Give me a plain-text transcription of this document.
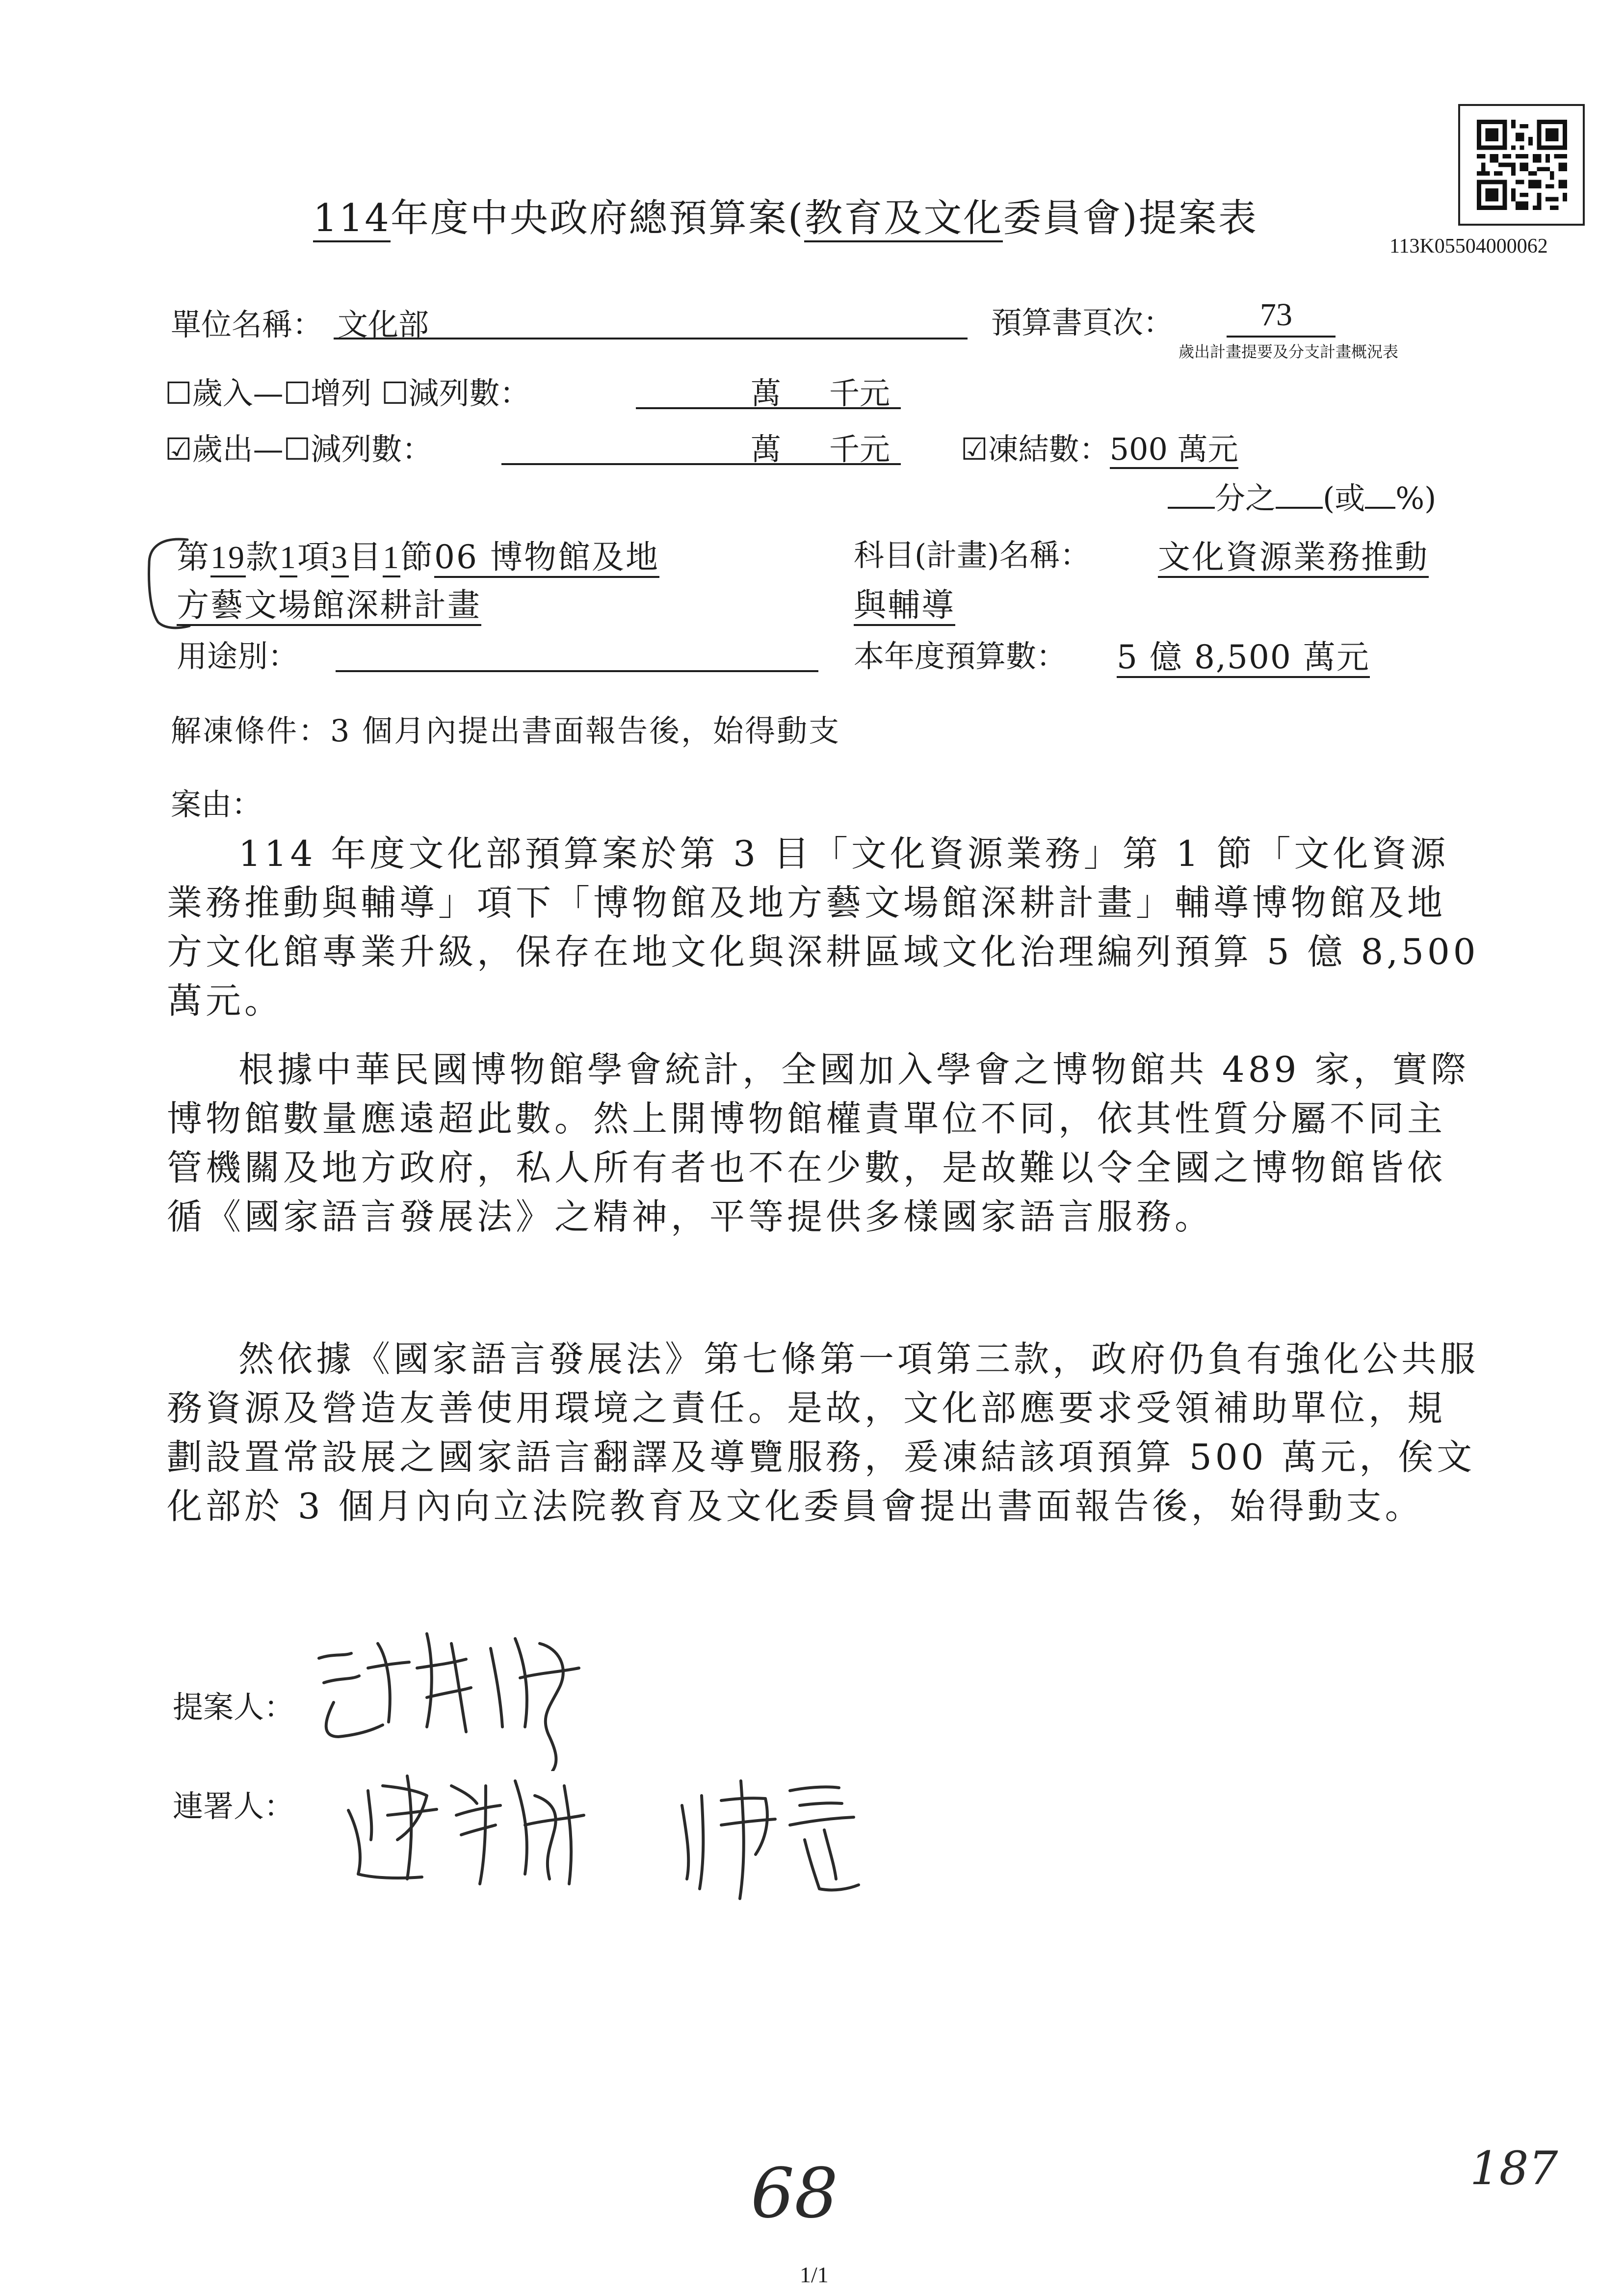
113K05504000062
114年度中央政府總預算案(教育及文化委員會)提案表
單位名稱： 文化部	預算書頁次：	73
歲出計畫提要及分支計畫概況表
☐歲入—☐增列 ☐減列數：	萬 千元
☑歲出—☐減列數：	萬 千元 ☑凍結數：500 萬元
分之 (或 %)
第19款1項3目1節06 博物館及地
方藝文場館深耕計畫
科目(計畫)名稱： 文化資源業務推動
與輔導
用途別：	本年度預算數： 5 億 8,500 萬元
解凍條件：3 個月內提出書面報告後，始得動支
案由：
114 年度文化部預算案於第 3 目「文化資源業務」第 1 節「文化資源業務推動與輔導」項下「博物館及地方藝文場館深耕計畫」輔導博物館及地方文化館專業升級，保存在地文化與深耕區域文化治理編列預算 5 億 8,500 萬元。
根據中華民國博物館學會統計，全國加入學會之博物館共 489 家，實際博物館數量應遠超此數。然上開博物館權責單位不同，依其性質分屬不同主管機關及地方政府，私人所有者也不在少數，是故難以令全國之博物館皆依循《國家語言發展法》之精神，平等提供多樣國家語言服務。
然依據《國家語言發展法》第七條第一項第三款，政府仍負有強化公共服務資源及營造友善使用環境之責任。是故，文化部應要求受領補助單位，規劃設置常設展之國家語言翻譯及導覽服務，爰凍結該項預算 500 萬元，俟文化部於 3 個月內向立法院教育及文化委員會提出書面報告後，始得動支。
提案人：
連署人：
68	187
1/1
